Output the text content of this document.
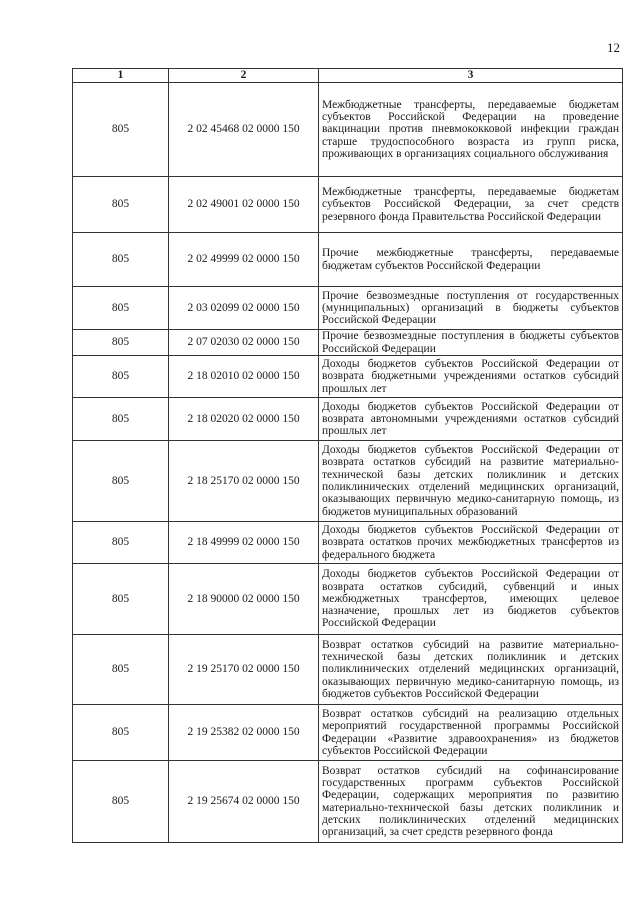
12
1	2	3
805	2 02 45468 02 0000 150	Межбюджетные трансферты, передаваемые бюджетам субъектов Российской Федерации на проведение вакцинации против пневмококковой инфекции граждан старше трудоспособного возраста из групп риска, проживающих в организациях социального обслуживания
805	2 02 49001 02 0000 150	Межбюджетные трансферты, передаваемые бюджетам субъектов Российской Федерации, за счет средств резервного фонда Правительства Российской Федерации
805	2 02 49999 02 0000 150	Прочие межбюджетные трансферты, передаваемые бюджетам субъектов Российской Федерации
805	2 03 02099 02 0000 150	Прочие безвозмездные поступления от государственных (муниципальных) организаций в бюджеты субъектов Российской Федерации
805	2 07 02030 02 0000 150	Прочие безвозмездные поступления в бюджеты субъектов Российской Федерации
805	2 18 02010 02 0000 150	Доходы бюджетов субъектов Российской Федерации от возврата бюджетными учреждениями остатков субсидий прошлых лет
805	2 18 02020 02 0000 150	Доходы бюджетов субъектов Российской Федерации от возврата автономными учреждениями остатков субсидий прошлых лет
805	2 18 25170 02 0000 150	Доходы бюджетов субъектов Российской Федерации от возврата остатков субсидий на развитие материально-технической базы детских поликлиник и детских поликлинических отделений медицинских организаций, оказывающих первичную медико-санитарную помощь, из бюджетов муниципальных образований
805	2 18 49999 02 0000 150	Доходы бюджетов субъектов Российской Федерации от возврата остатков прочих межбюджетных трансфертов из федерального бюджета
805	2 18 90000 02 0000 150	Доходы бюджетов субъектов Российской Федерации от возврата остатков субсидий, субвенций и иных межбюджетных трансфертов, имеющих целевое назначение, прошлых лет из бюджетов субъектов Российской Федерации
805	2 19 25170 02 0000 150	Возврат остатков субсидий на развитие материально-технической базы детских поликлиник и детских поликлинических отделений медицинских организаций, оказывающих первичную медико-санитарную помощь, из бюджетов субъектов Российской Федерации
805	2 19 25382 02 0000 150	Возврат остатков субсидий на реализацию отдельных мероприятий государственной программы Российской Федерации «Развитие здравоохранения» из бюджетов субъектов Российской Федерации
805	2 19 25674 02 0000 150	Возврат остатков субсидий на софинансирование государственных программ субъектов Российской Федерации, содержащих мероприятия по развитию материально-технической базы детских поликлиник и детских поликлинических отделений медицинских организаций, за счет средств резервного фонда
